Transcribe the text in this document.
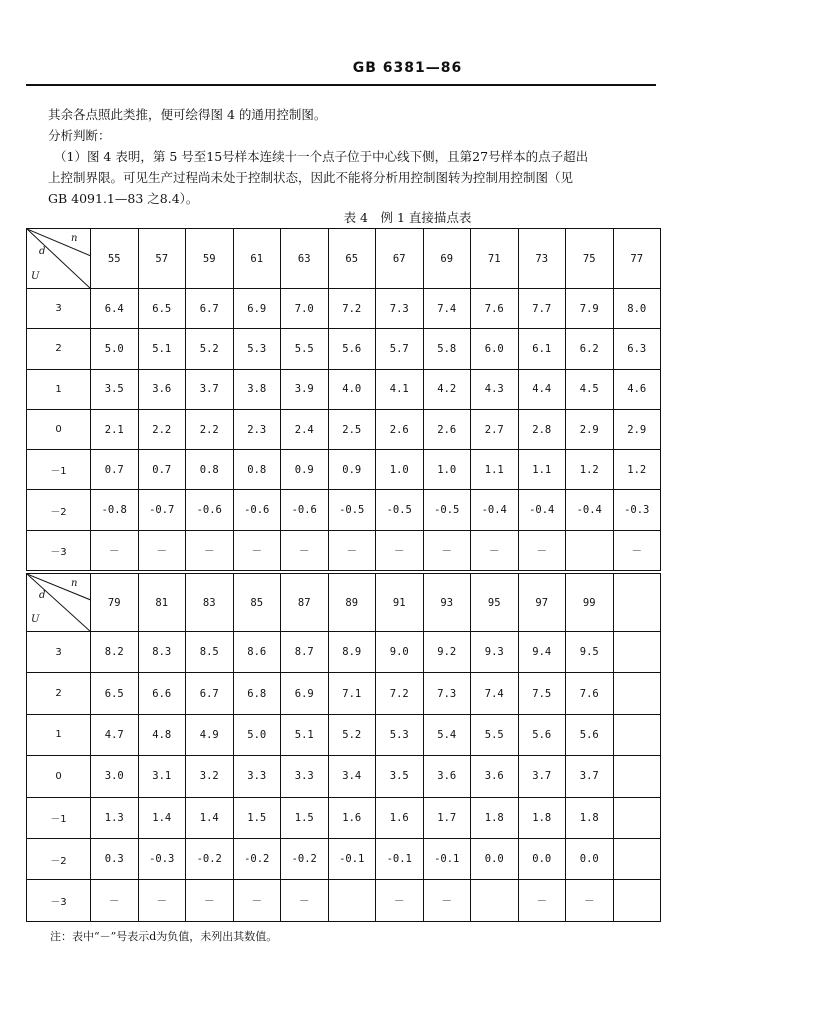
GB 6381—86
其余各点照此类推，便可绘得图 4 的通用控制图。
分析判断：
（1）图 4 表明，第 5 号至15号样本连续十一个点子位于中心线下侧，且第27号样本的点子超出
上控制界限。可见生产过程尚未处于控制状态，因此不能将分析用控制图转为控制用控制图（见
GB 4091.1—83 之8.4）。
表 4　例 1 直接描点表
n
d
U	55	57	59	61	63	65	67	69	71	73	75	77
3	6.4	6.5	6.7	6.9	7.0	7.2	7.3	7.4	7.6	7.7	7.9	8.0
2	5.0	5.1	5.2	5.3	5.5	5.6	5.7	5.8	6.0	6.1	6.2	6.3
1	3.5	3.6	3.7	3.8	3.9	4.0	4.1	4.2	4.3	4.4	4.5	4.6
0	2.1	2.2	2.2	2.3	2.4	2.5	2.6	2.6	2.7	2.8	2.9	2.9
－1	0.7	0.7	0.8	0.8	0.9	0.9	1.0	1.0	1.1	1.1	1.2	1.2
－2	-0.8	-0.7	-0.6	-0.6	-0.6	-0.5	-0.5	-0.5	-0.4	-0.4	-0.4	-0.3
－3	－	－	－	－	－	－	－	－	－	－		－
n
d
U	79	81	83	85	87	89	91	93	95	97	99	
3	8.2	8.3	8.5	8.6	8.7	8.9	9.0	9.2	9.3	9.4	9.5	
2	6.5	6.6	6.7	6.8	6.9	7.1	7.2	7.3	7.4	7.5	7.6	
1	4.7	4.8	4.9	5.0	5.1	5.2	5.3	5.4	5.5	5.6	5.6	
0	3.0	3.1	3.2	3.3	3.3	3.4	3.5	3.6	3.6	3.7	3.7	
－1	1.3	1.4	1.4	1.5	1.5	1.6	1.6	1.7	1.8	1.8	1.8	
－2	0.3	-0.3	-0.2	-0.2	-0.2	-0.1	-0.1	-0.1	0.0	0.0	0.0	
－3	－	－	－	－	－		－	－		－	－	
注：表中“－”号表示d为负值，未列出其数值。
